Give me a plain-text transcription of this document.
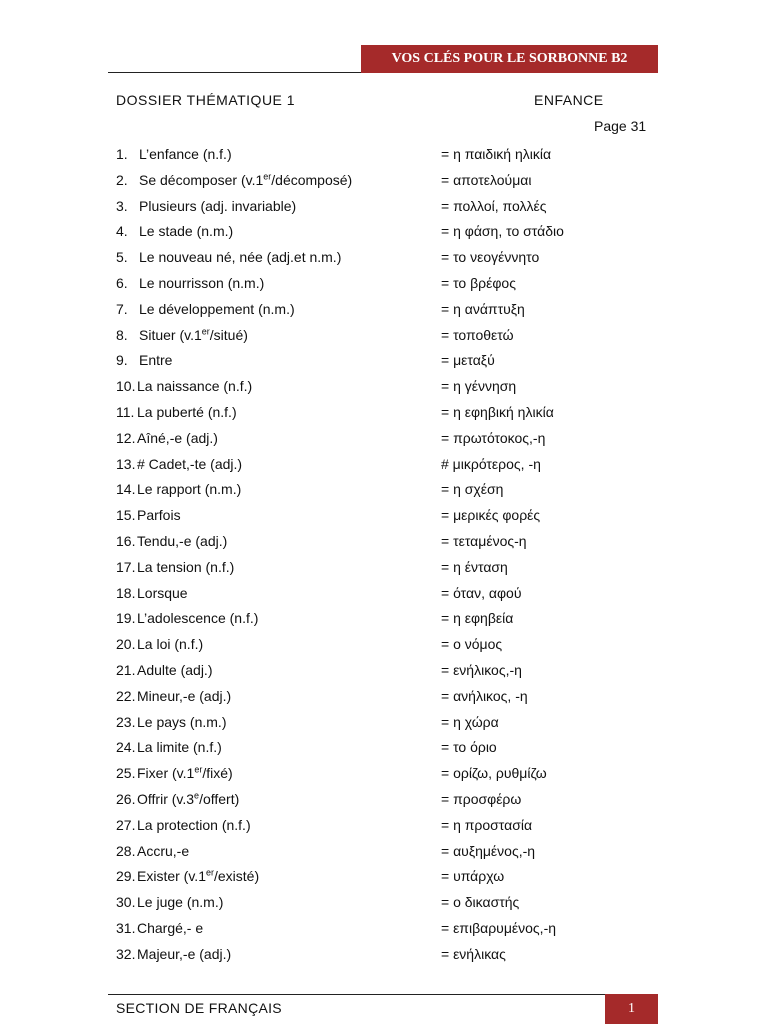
VOS CLÉS POUR LE SORBONNE B2
DOSSIER THÉMATIQUE 1	ENFANCE
Page 31
1. L’enfance (n.f.)	= η παιδική ηλικία
2. Se décomposer (v.1er/décomposé)	= αποτελούμαι
3. Plusieurs (adj. invariable)	= πολλοί, πολλές
4. Le stade (n.m.)	= η φάση, το στάδιο
5. Le nouveau né, née (adj.et n.m.)	= το νεογέννητο
6. Le nourrisson (n.m.)	= το βρέφος
7. Le développement (n.m.)	= η ανάπτυξη
8. Situer (v.1er/situé)	= τοποθετώ
9. Entre	= μεταξύ
10. La naissance (n.f.)	= η γέννηση
11. La puberté (n.f.)	= η εφηβική ηλικία
12. Aîné,-e (adj.)	= πρωτότοκος,-η
13. # Cadet,-te (adj.)	# μικρότερος, -η
14. Le rapport (n.m.)	= η σχέση
15. Parfois	= μερικές φορές
16. Tendu,-e (adj.)	= τεταμένος-η
17. La tension (n.f.)	= η ένταση
18. Lorsque	= όταν, αφού
19. L’adolescence (n.f.)	= η εφηβεία
20. La loi (n.f.)	= ο νόμος
21. Adulte (adj.)	= ενήλικος,-η
22. Mineur,-e (adj.)	= ανήλικος, -η
23. Le pays (n.m.)	= η χώρα
24. La limite (n.f.)	= το όριο
25. Fixer (v.1er/fixé)	= ορίζω, ρυθμίζω
26. Offrir (v.3$^e$/offert)	= προσφέρω
27. La protection (n.f.)	= η προστασία
28. Accru,-e	= αυξημένος,-η
29. Exister (v.1er/existé)	= υπάρχω
30. Le juge (n.m.)	= ο δικαστής
31. Chargé,- e	= επιβαρυμένος,-η
32. Majeur,-e (adj.)	= ενήλικας
SECTION DE FRANÇAIS	1
